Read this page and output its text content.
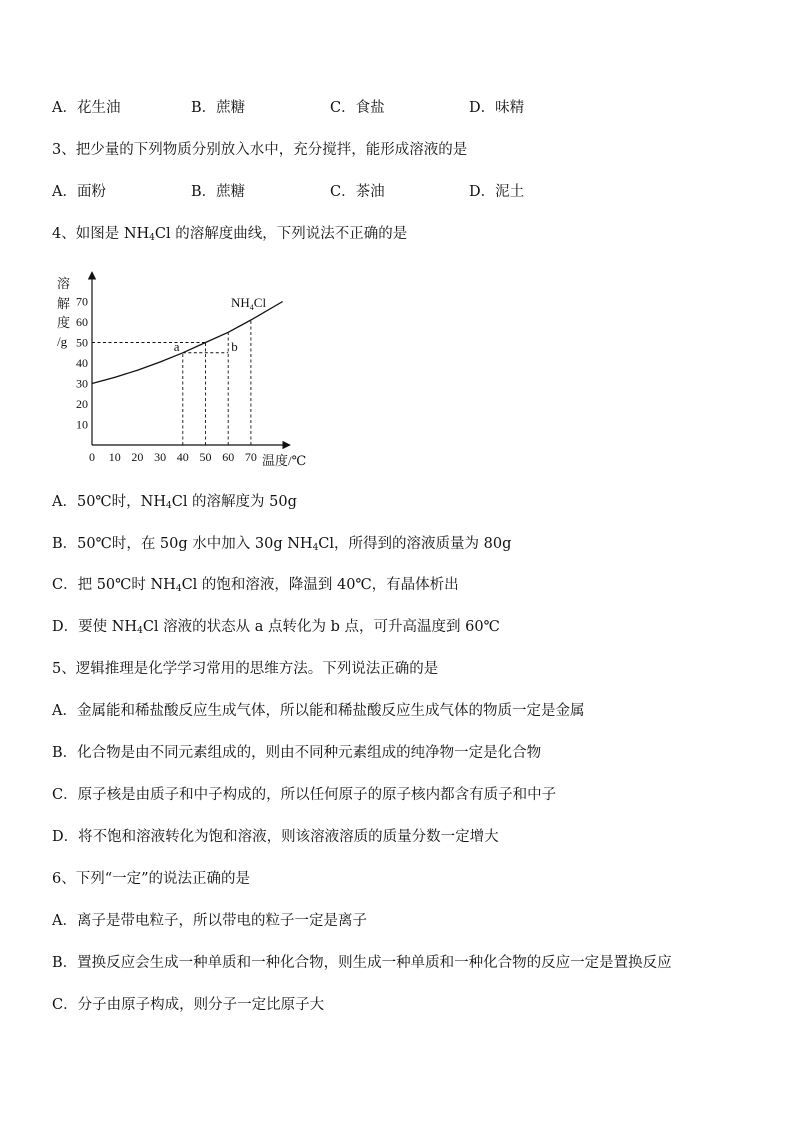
A．花生油	B．蔗糖	C．食盐	D．味精
3、把少量的下列物质分别放入水中，充分搅拌，能形成溶液的是
A．面粉	B．蔗糖	C．茶油	D．泥土
4、如图是 $NH_4Cl$ 的溶解度曲线，下列说法不正确的是
0 10 20 30 40 50 60 70
10
20
30
40
50
60
70
a	b
$NH_4Cl$
溶
解
度
/g
温度/℃
A．50℃时，$NH_4Cl$ 的溶解度为 50g
B．50℃时，在 50g 水中加入 30g $NH_4Cl$，所得到的溶液质量为 80g
C．把 50℃时 $NH_4Cl$ 的饱和溶液，降温到 40℃，有晶体析出
D．要使 $NH_4Cl$ 溶液的状态从 a 点转化为 b 点，可升高温度到 60℃
5、逻辑推理是化学学习常用的思维方法。下列说法正确的是
A．金属能和稀盐酸反应生成气体，所以能和稀盐酸反应生成气体的物质一定是金属
B．化合物是由不同元素组成的，则由不同种元素组成的纯净物一定是化合物
C．原子核是由质子和中子构成的，所以任何原子的原子核内都含有质子和中子
D．将不饱和溶液转化为饱和溶液，则该溶液溶质的质量分数一定增大
6、下列“一定”的说法正确的是
A．离子是带电粒子，所以带电的粒子一定是离子
B．置换反应会生成一种单质和一种化合物，则生成一种单质和一种化合物的反应一定是置换反应
C．分子由原子构成，则分子一定比原子大
